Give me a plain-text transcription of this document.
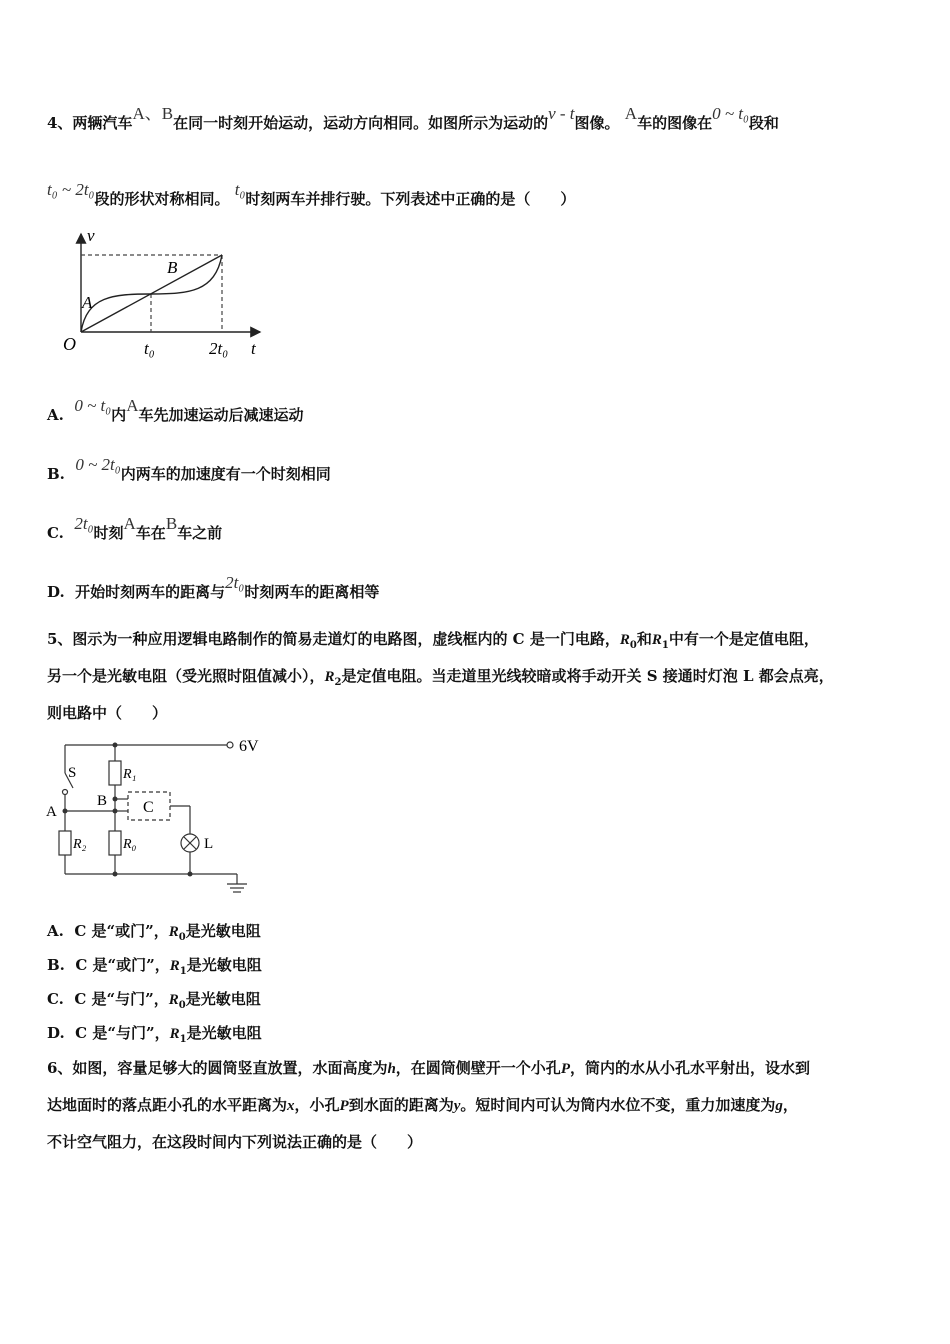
4、两辆汽车A、B在同一时刻开始运动，运动方向相同。如图所示为运动的v - t图像。 A车的图像在0 ~ t₀段和
t₀ ~ 2t₀段的形状对称相同。 t₀时刻两车并排行驶。下列表述中正确的是（　　）
v
t
O	t₀	2t₀
A
B
A. 0 ~ t₀内A车先加速运动后减速运动
B. 0 ~ 2t₀内两车的加速度有一个时刻相同
C. 2t₀时刻A车在B车之前
D. 开始时刻两车的距离与2t₀时刻两车的距离相等
5、图示为一种应用逻辑电路制作的简易走道灯的电路图，虚线框内的 C 是一门电路，$R_0$和$R_1$中有一个是定值电阻，
另一个是光敏电阻（受光照时阻值减小），$R_2$是定值电阻。当走道里光线较暗或将手动开关 S 接通时灯泡 L 都会点亮，
则电路中（　　）
6V
S
A
B C
R₁
R₂	R₀	L
A. C 是“或门”，$R_0$是光敏电阻
B. C 是“或门”，$R_1$是光敏电阻
C. C 是“与门”，$R_0$是光敏电阻
D. C 是“与门”，$R_1$是光敏电阻
6、如图，容量足够大的圆筒竖直放置，水面高度为h，在圆筒侧壁开一个小孔P，筒内的水从小孔水平射出，设水到
达地面时的落点距小孔的水平距离为x，小孔P到水面的距离为y。短时间内可认为筒内水位不变，重力加速度为g，
不计空气阻力，在这段时间内下列说法正确的是（　　）
